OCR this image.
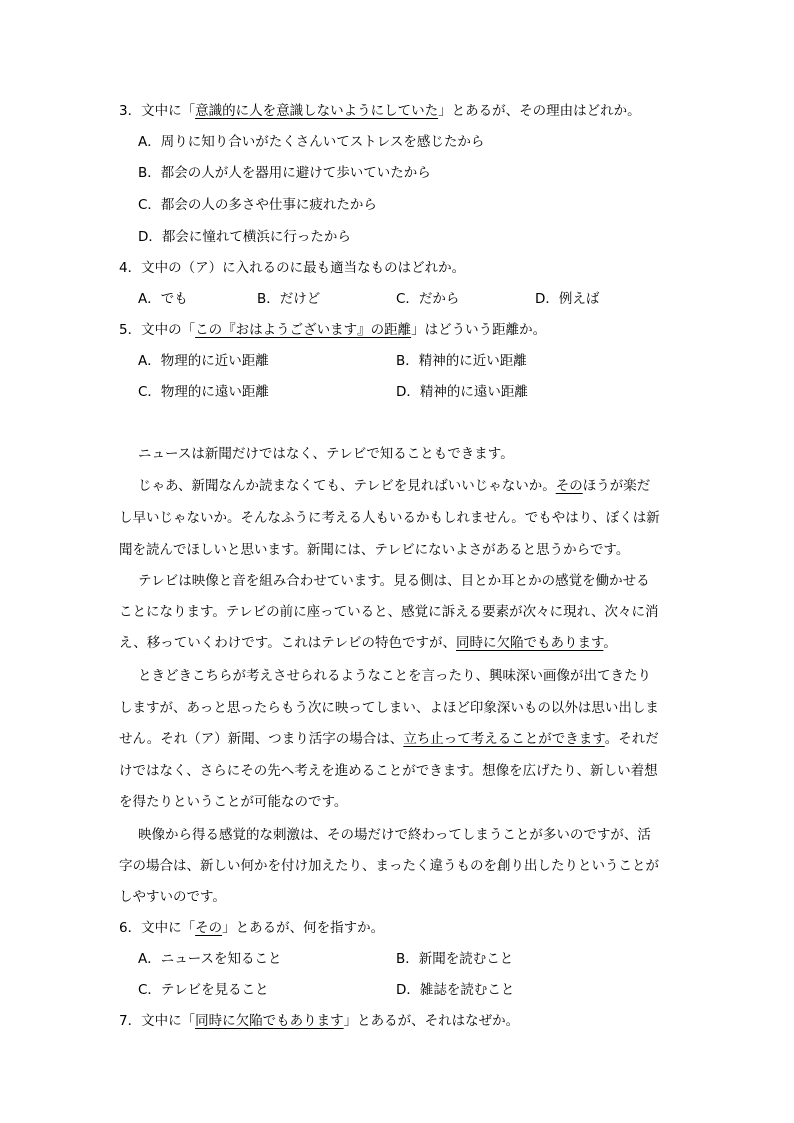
3．文中に「意識的に人を意識しないようにしていた」とあるが、その理由はどれか。
A．周りに知り合いがたくさんいてストレスを感じたから
B．都会の人が人を器用に避けて歩いていたから
C．都会の人の多さや仕事に疲れたから
D．都会に憧れて横浜に行ったから
4．文中の（ア）に入れるのに最も適当なものはどれか。
A．でも	B．だけど	C．だから	D．例えば
5．文中の「この『おはようございます』の距離」はどういう距離か。
A．物理的に近い距離	B．精神的に近い距離
C．物理的に遠い距離	D．精神的に遠い距離
ニュースは新聞だけではなく、テレビで知ることもできます。
じゃあ、新聞なんか読まなくても、テレビを見ればいいじゃないか。そのほうが楽だ
し早いじゃないか。そんなふうに考える人もいるかもしれません。でもやはり、ぼくは新
聞を読んでほしいと思います。新聞には、テレビにないよさがあると思うからです。
テレビは映像と音を組み合わせています。見る側は、目とか耳とかの感覚を働かせる
ことになります。テレビの前に座っていると、感覚に訴える要素が次々に現れ、次々に消
え、移っていくわけです。これはテレビの特色ですが、同時に欠陥でもあります。
ときどきこちらが考えさせられるようなことを言ったり、興味深い画像が出てきたり
しますが、あっと思ったらもう次に映ってしまい、よほど印象深いもの以外は思い出しま
せん。それ（ア）新聞、つまり活字の場合は、立ち止って考えることができます。それだ
けではなく、さらにその先へ考えを進めることができます。想像を広げたり、新しい着想
を得たりということが可能なのです。
映像から得る感覚的な刺激は、その場だけで終わってしまうことが多いのですが、活
字の場合は、新しい何かを付け加えたり、まったく違うものを創り出したりということが
しやすいのです。
6．文中に「その」とあるが、何を指すか。
A．ニュースを知ること	B．新聞を読むこと
C．テレビを見ること	D．雑誌を読むこと
7．文中に「同時に欠陥でもあります」とあるが、それはなぜか。
